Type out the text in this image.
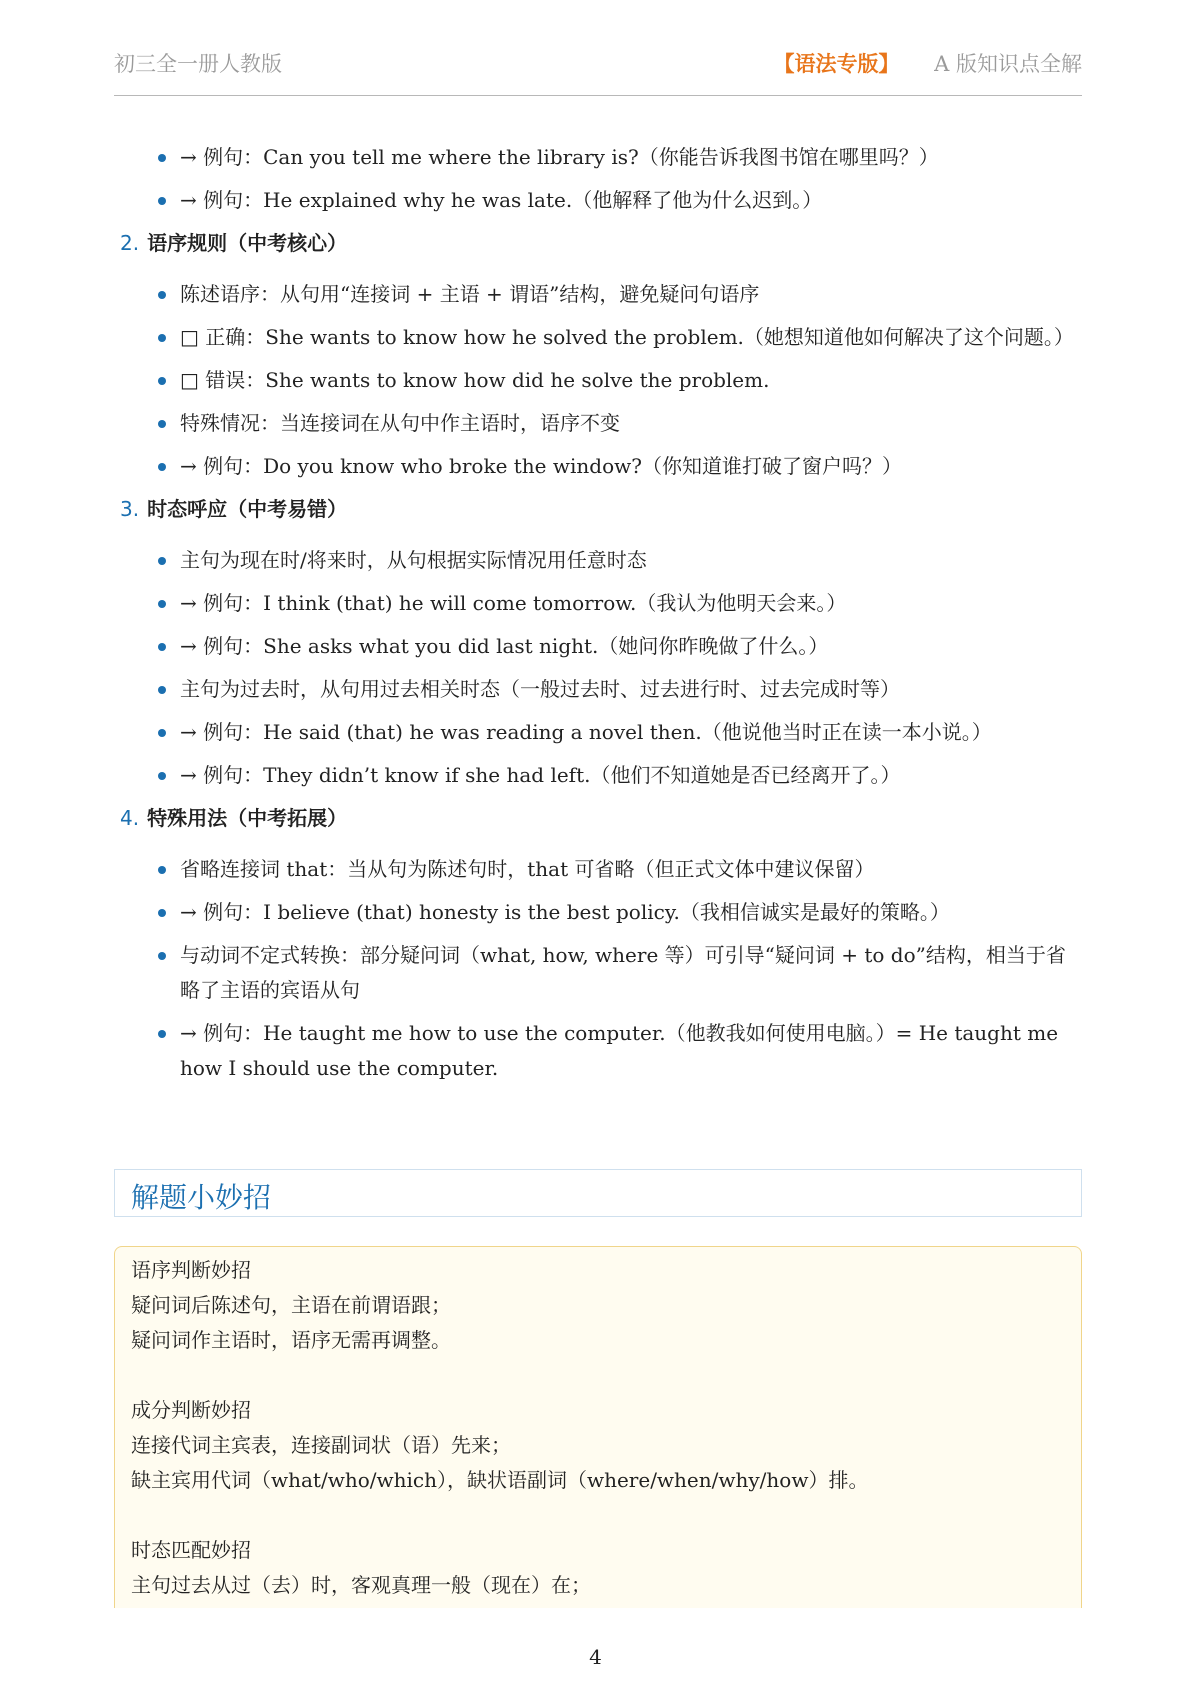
初三全一册人教版	【语法专版】 A 版知识点全解
→ 例句：Can you tell me where the library is?（你能告诉我图书馆在哪里吗？）
→ 例句：He explained why he was late.（他解释了他为什么迟到。）
2. 语序规则（中考核心）
陈述语序：从句用“连接词 + 主语 + 谓语”结构，避免疑问句语序
□ 正确：She wants to know how he solved the problem.（她想知道他如何解决了这个问题。）
□ 错误：She wants to know how did he solve the problem.
特殊情况：当连接词在从句中作主语时，语序不变
→ 例句：Do you know who broke the window?（你知道谁打破了窗户吗？）
3. 时态呼应（中考易错）
主句为现在时/将来时，从句根据实际情况用任意时态
→ 例句：I think (that) he will come tomorrow.（我认为他明天会来。）
→ 例句：She asks what you did last night.（她问你昨晚做了什么。）
主句为过去时，从句用过去相关时态（一般过去时、过去进行时、过去完成时等）
→ 例句：He said (that) he was reading a novel then.（他说他当时正在读一本小说。）
→ 例句：They didn’t know if she had left.（他们不知道她是否已经离开了。）
4. 特殊用法（中考拓展）
省略连接词 that：当从句为陈述句时，that 可省略（但正式文体中建议保留）
→ 例句：I believe (that) honesty is the best policy.（我相信诚实是最好的策略。）
与动词不定式转换：部分疑问词（what, how, where 等）可引导“疑问词 + to do”结构，相当于省略了主语的宾语从句
→ 例句：He taught me how to use the computer.（他教我如何使用电脑。）= He taught me how I should use the computer.
解题小妙招
语序判断妙招
疑问词后陈述句，主语在前谓语跟；
疑问词作主语时，语序无需再调整。
成分判断妙招
连接代词主宾表，连接副词状（语）先来；
缺主宾用代词（what/who/which），缺状语副词（where/when/why/how）排。
时态匹配妙招
主句过去从过（去）时，客观真理一般（现在）在；
4
